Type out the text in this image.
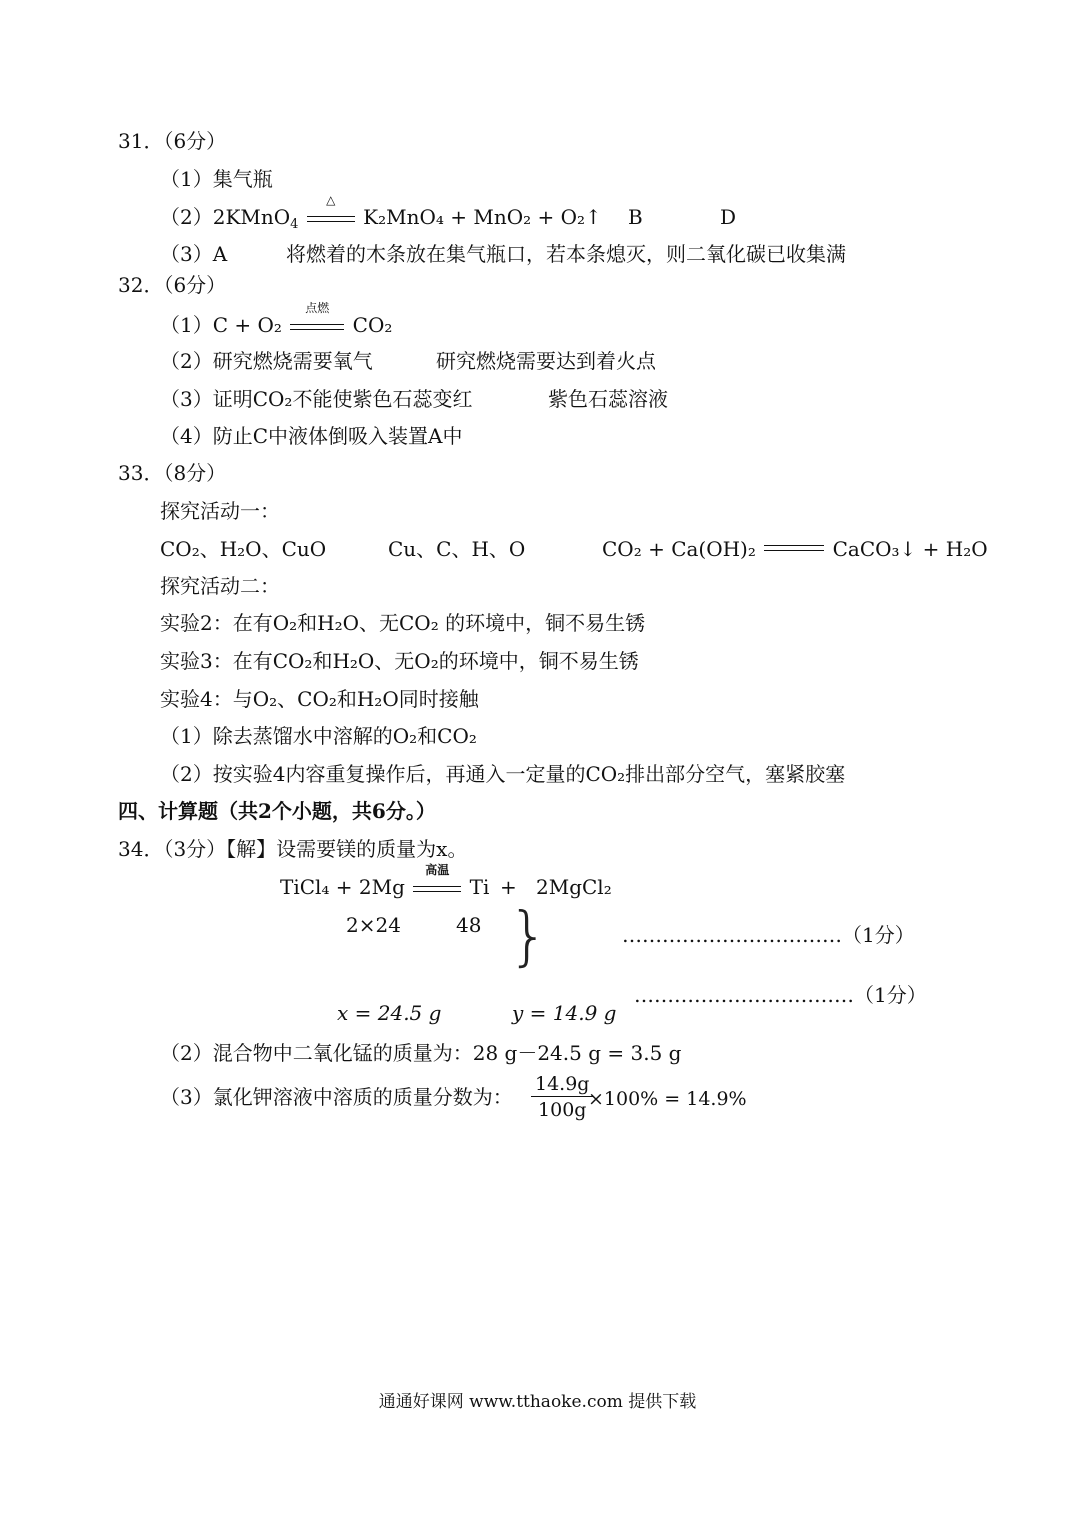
31．（6分）
（1）集气瓶
（2）2KMnO$_4$
△
K₂MnO₄ + MnO₂ + O₂↑ B	D
（3）A	将燃着的木条放在集气瓶口，若本条熄灭，则二氧化碳已收集满
32．（6分）
（1）C + O₂
点燃
CO₂
（2）研究燃烧需要氧气	研究燃烧需要达到着火点
（3）证明CO₂不能使紫色石蕊变红	紫色石蕊溶液
（4）防止C中液体倒吸入装置A中
33．（8分）
探究活动一：
CO₂、H₂O、CuO	Cu、C、H、O	CO₂ + Ca(OH)₂	CaCO₃↓ + H₂O
探究活动二：
实验2：在有O₂和H₂O、无CO₂ 的环境中，铜不易生锈
实验3：在有CO₂和H₂O、无O₂的环境中，铜不易生锈
实验4：与O₂、CO₂和H₂O同时接触
（1）除去蒸馏水中溶解的O₂和CO₂
（2）按实验4内容重复操作后，再通入一定量的CO₂排出部分空气，塞紧胶塞
四、计算题（共2个小题，共6分。）
34．（3分）【解】设需要镁的质量为x。
TiCl₄ + 2Mg
高温
Ti + 2MgCl₂
2×24	48 }	……………………………（1分）
……………………………（1分）
x = 24.5 g	y = 14.9 g
（2）混合物中二氧化锰的质量为：28 g－24.5 g = 3.5 g
（3）氯化钾溶液中溶质的质量分数为： $\frac{14.9g}{100g}$
×100% = 14.9%
通通好课网 www.tthaoke.com 提供下载
